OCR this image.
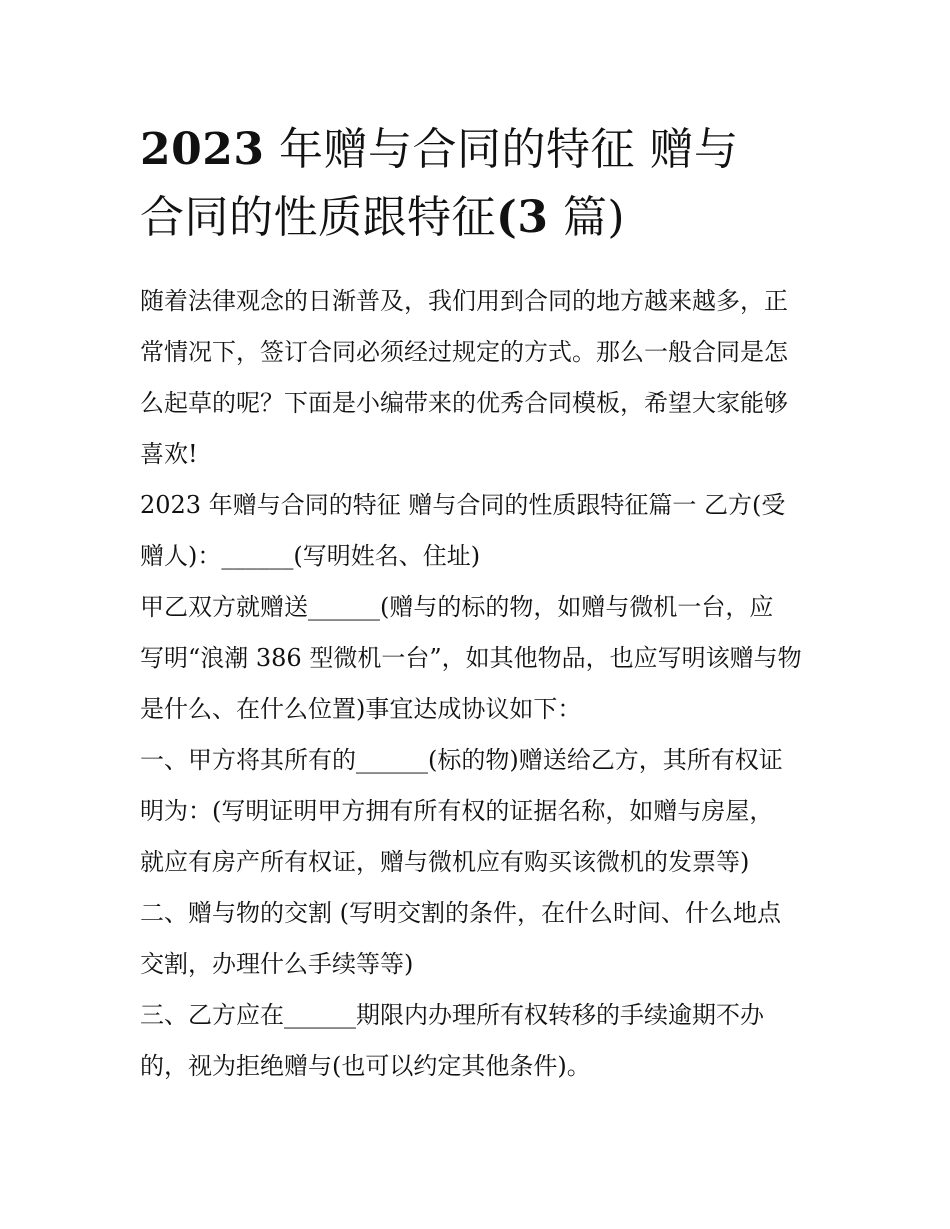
2023 年赠与合同的特征 赠与
合同的性质跟特征(3 篇)
随着法律观念的日渐普及，我们用到合同的地方越来越多，正
常情况下，签订合同必须经过规定的方式。那么一般合同是怎
么起草的呢？下面是小编带来的优秀合同模板，希望大家能够
喜欢!
2023 年赠与合同的特征 赠与合同的性质跟特征篇一 乙方(受
赠人)：______(写明姓名、住址)
甲乙双方就赠送______(赠与的标的物，如赠与微机一台，应
写明“浪潮 386 型微机一台”，如其他物品，也应写明该赠与物
是什么、在什么位置)事宜达成协议如下：
一、甲方将其所有的______(标的物)赠送给乙方，其所有权证
明为：(写明证明甲方拥有所有权的证据名称，如赠与房屋，
就应有房产所有权证，赠与微机应有购买该微机的发票等)
二、赠与物的交割 (写明交割的条件，在什么时间、什么地点
交割，办理什么手续等等)
三、乙方应在______期限内办理所有权转移的手续逾期不办
的，视为拒绝赠与(也可以约定其他条件)。
